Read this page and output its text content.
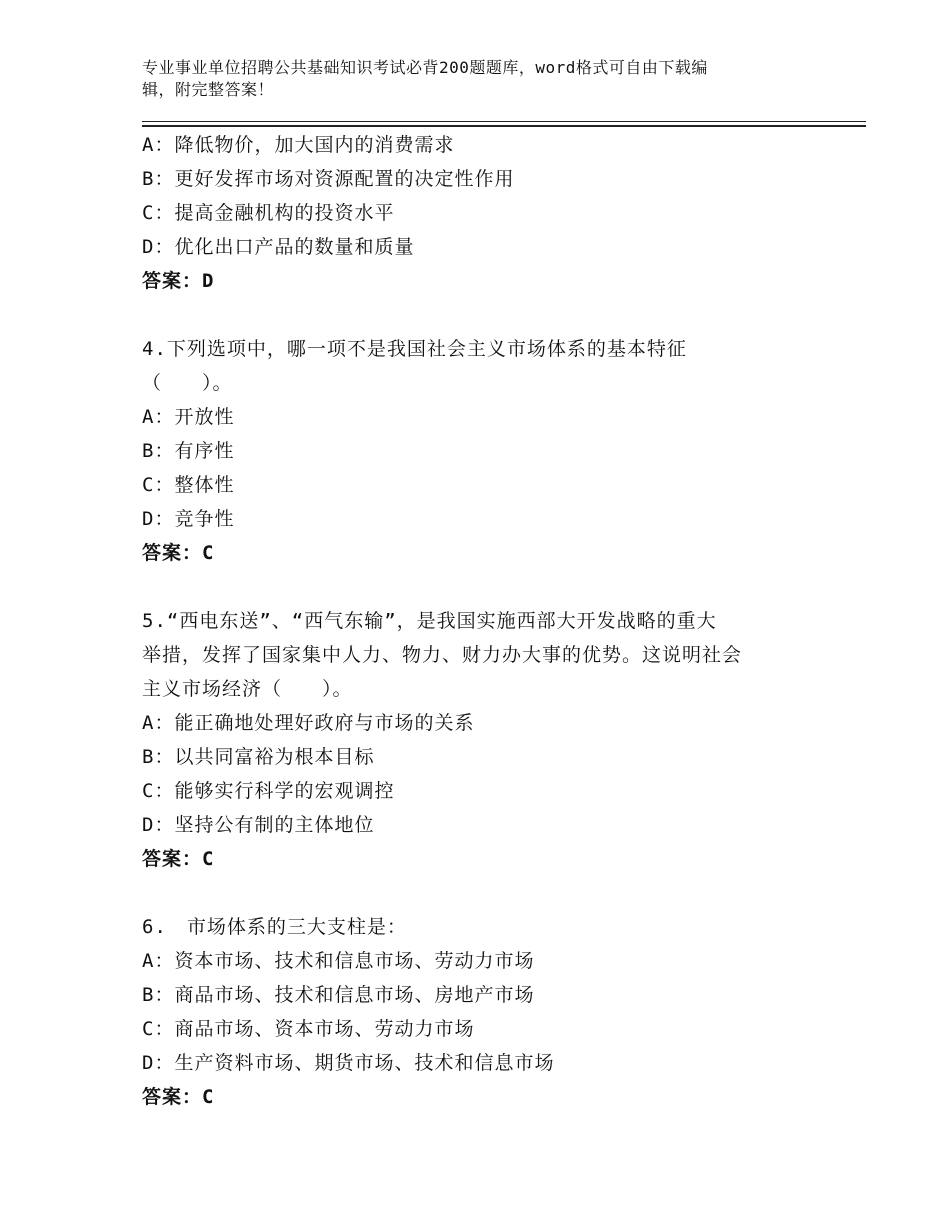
专业事业单位招聘公共基础知识考试必背200题题库，word格式可自由下载编
辑，附完整答案！
A：降低物价，加大国内的消费需求
B：更好发挥市场对资源配置的决定性作用
C：提高金融机构的投资水平
D：优化出口产品的数量和质量
答案：D
4.下列选项中，哪一项不是我国社会主义市场体系的基本特征
（　　）。
A：开放性
B：有序性
C：整体性
D：竞争性
答案：C
5.“西电东送”、“西气东输”，是我国实施西部大开发战略的重大
举措，发挥了国家集中人力、物力、财力办大事的优势。这说明社会
主义市场经济（　　）。
A：能正确地处理好政府与市场的关系
B：以共同富裕为根本目标
C：能够实行科学的宏观调控
D：坚持公有制的主体地位
答案：C
6.　市场体系的三大支柱是：
A：资本市场、技术和信息市场、劳动力市场
B：商品市场、技术和信息市场、房地产市场
C：商品市场、资本市场、劳动力市场
D：生产资料市场、期货市场、技术和信息市场
答案：C
